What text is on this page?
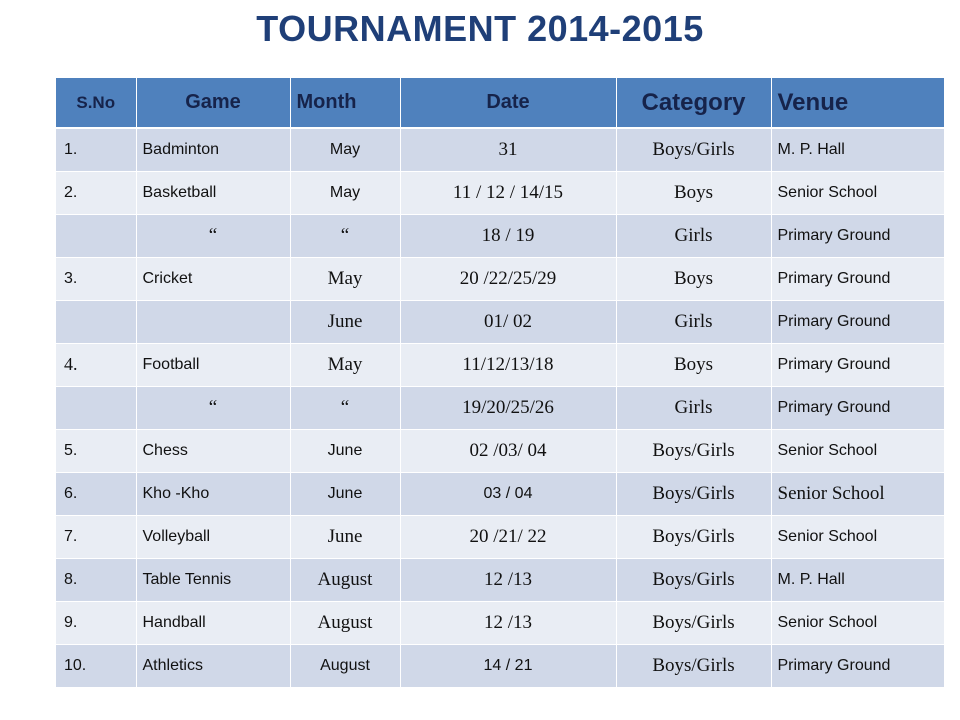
TOURNAMENT 2014-2015
S.No	Game	Month	Date	Category	Venue
1.	Badminton	May	31	Boys/Girls	M. P. Hall
2.	Basketball	May	11 / 12 / 14/15	Boys	Senior School
	“	“	18 / 19	Girls	Primary Ground
3.	Cricket	May	20 /22/25/29	Boys	Primary Ground
		June	01/ 02	Girls	Primary Ground
4.	Football	May	11/12/13/18	Boys	Primary Ground
	“	“	19/20/25/26	Girls	Primary Ground
5.	Chess	June	02 /03/ 04	Boys/Girls	Senior School
6.	Kho -Kho	June	03 / 04	Boys/Girls	Senior School
7.	Volleyball	June	20 /21/ 22	Boys/Girls	Senior School
8.	Table Tennis	August	12 /13	Boys/Girls	M. P. Hall
9.	Handball	August	12 /13	Boys/Girls	Senior School
10.	Athletics	August	14 / 21	Boys/Girls	Primary Ground
